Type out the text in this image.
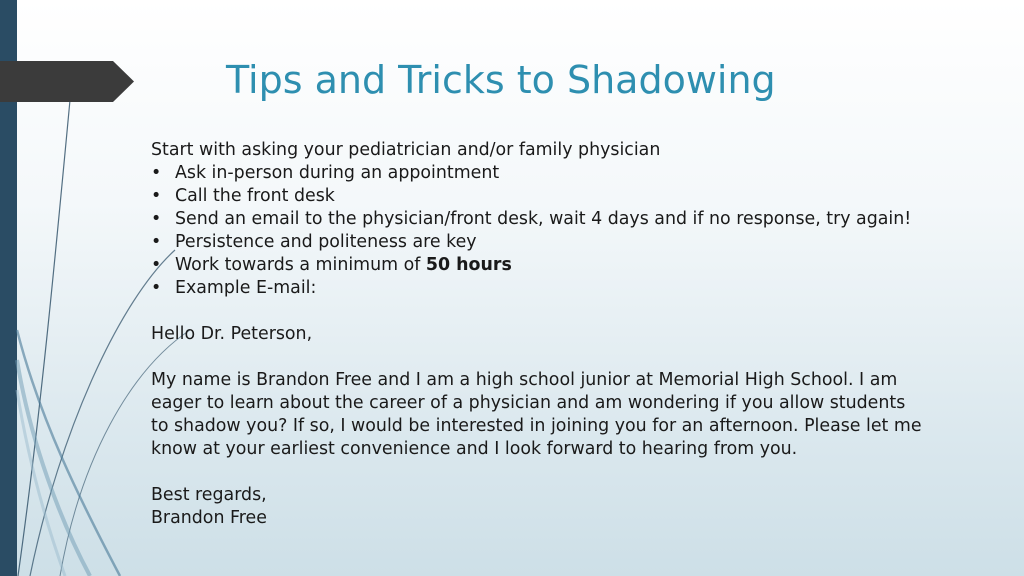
Tips and Tricks to Shadowing
Start with asking your pediatrician and/or family physician
• Ask in-person during an appointment
• Call the front desk
• Send an email to the physician/front desk, wait 4 days and if no response, try again!
• Persistence and politeness are key
• Work towards a minimum of 50 hours
• Example E-mail:
Hello Dr. Peterson,
My name is Brandon Free and I am a high school junior at Memorial High School. I am
eager to learn about the career of a physician and am wondering if you allow students
to shadow you? If so, I would be interested in joining you for an afternoon. Please let me
know at your earliest convenience and I look forward to hearing from you.
Best regards,
Brandon Free
